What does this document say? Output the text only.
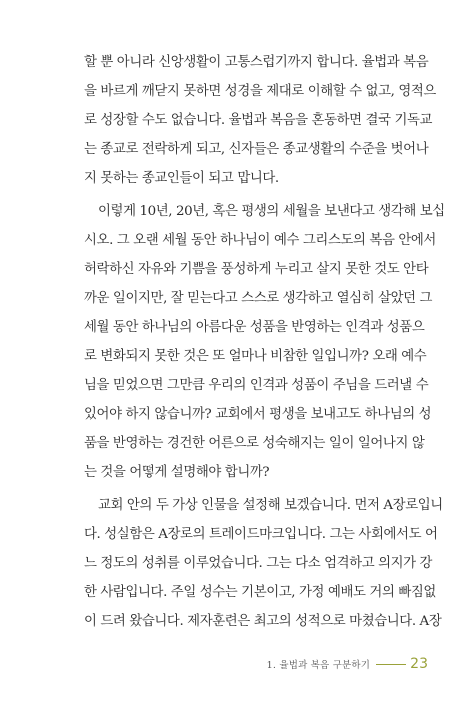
할 뿐 아니라 신앙생활이 고통스럽기까지 합니다. 율법과 복음
을 바르게 깨닫지 못하면 성경을 제대로 이해할 수 없고, 영적으
로 성장할 수도 없습니다. 율법과 복음을 혼동하면 결국 기독교
는 종교로 전락하게 되고, 신자들은 종교생활의 수준을 벗어나
지 못하는 종교인들이 되고 맙니다.

이렇게 10년, 20년, 혹은 평생의 세월을 보낸다고 생각해 보십
시오. 그 오랜 세월 동안 하나님이 예수 그리스도의 복음 안에서
허락하신 자유와 기쁨을 풍성하게 누리고 살지 못한 것도 안타
까운 일이지만, 잘 믿는다고 스스로 생각하고 열심히 살았던 그
세월 동안 하나님의 아름다운 성품을 반영하는 인격과 성품으
로 변화되지 못한 것은 또 얼마나 비참한 일입니까? 오래 예수
님을 믿었으면 그만큼 우리의 인격과 성품이 주님을 드러낼 수
있어야 하지 않습니까? 교회에서 평생을 보내고도 하나님의 성
품을 반영하는 경건한 어른으로 성숙해지는 일이 일어나지 않
는 것을 어떻게 설명해야 합니까?

교회 안의 두 가상 인물을 설정해 보겠습니다. 먼저 A장로입니
다. 성실함은 A장로의 트레이드마크입니다. 그는 사회에서도 어
느 정도의 성취를 이루었습니다. 그는 다소 엄격하고 의지가 강
한 사람입니다. 주일 성수는 기본이고, 가정 예배도 거의 빠짐없
이 드려 왔습니다. 제자훈련은 최고의 성적으로 마쳤습니다. A장

1. 율법과 복음 구분하기	23
